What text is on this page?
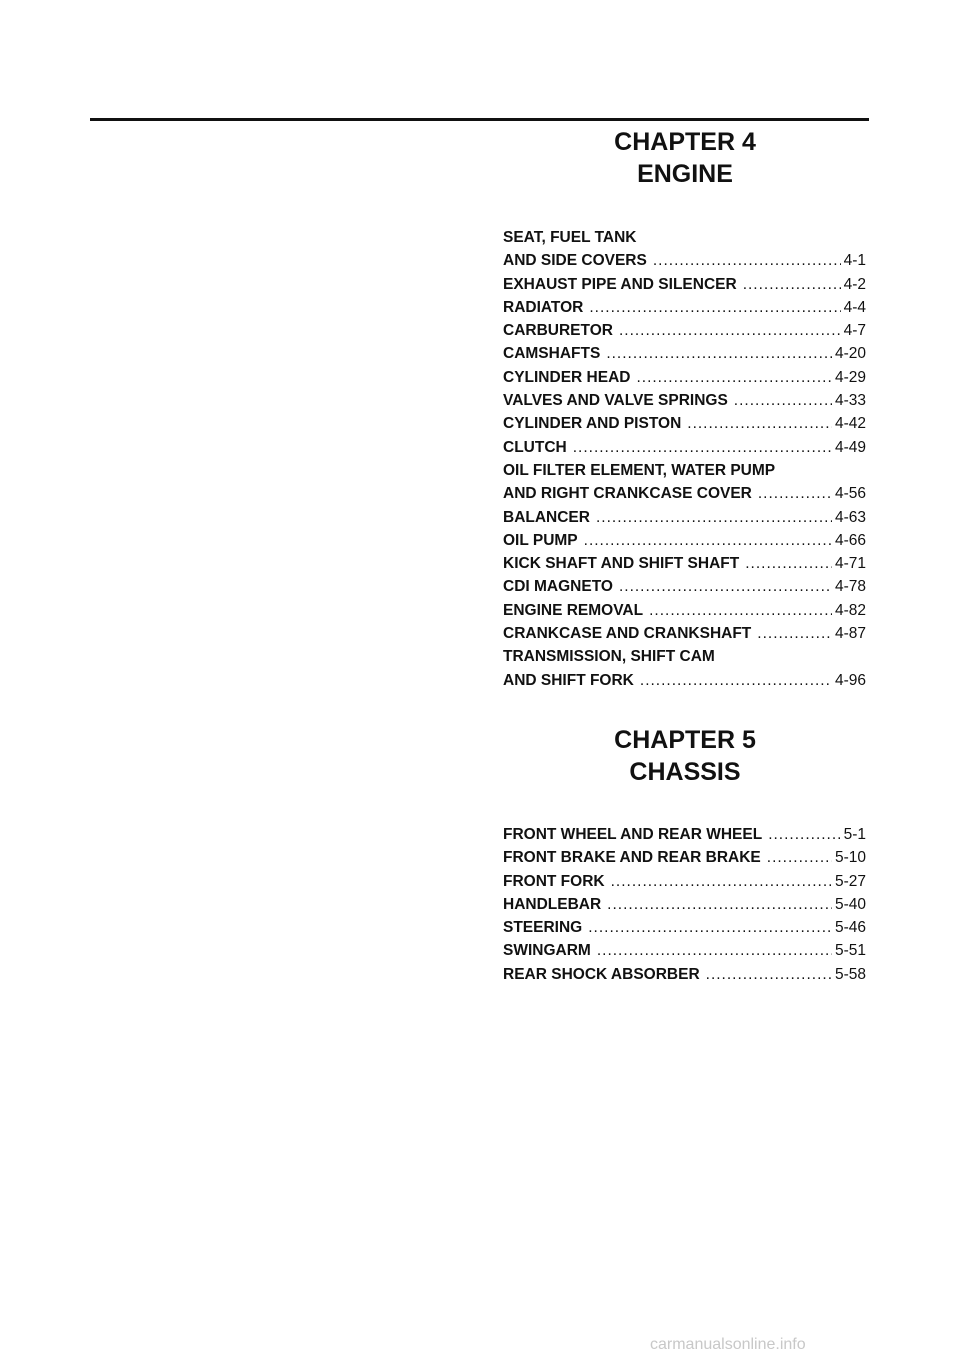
CHAPTER 4
ENGINE
SEAT, FUEL TANK
AND SIDE COVERS .....	4-1
EXHAUST PIPE AND SILENCER .....	4-2
RADIATOR .....	4-4
CARBURETOR .....	4-7
CAMSHAFTS .....	4-20
CYLINDER HEAD .....	4-29
VALVES AND VALVE SPRINGS .....	4-33
CYLINDER AND PISTON .....	4-42
CLUTCH .....	4-49
OIL FILTER ELEMENT, WATER PUMP
AND RIGHT CRANKCASE COVER .....	4-56
BALANCER .....	4-63
OIL PUMP .....	4-66
KICK SHAFT AND SHIFT SHAFT .....	4-71
CDI MAGNETO .....	4-78
ENGINE REMOVAL .....	4-82
CRANKCASE AND CRANKSHAFT .....	4-87
TRANSMISSION, SHIFT CAM
AND SHIFT FORK .....	4-96
CHAPTER 5
CHASSIS
FRONT WHEEL AND REAR WHEEL .....	5-1
FRONT BRAKE AND REAR BRAKE .....	5-10
FRONT FORK .....	5-27
HANDLEBAR .....	5-40
STEERING .....	5-46
SWINGARM .....	5-51
REAR SHOCK ABSORBER .....	5-58
carmanualsonline.info
